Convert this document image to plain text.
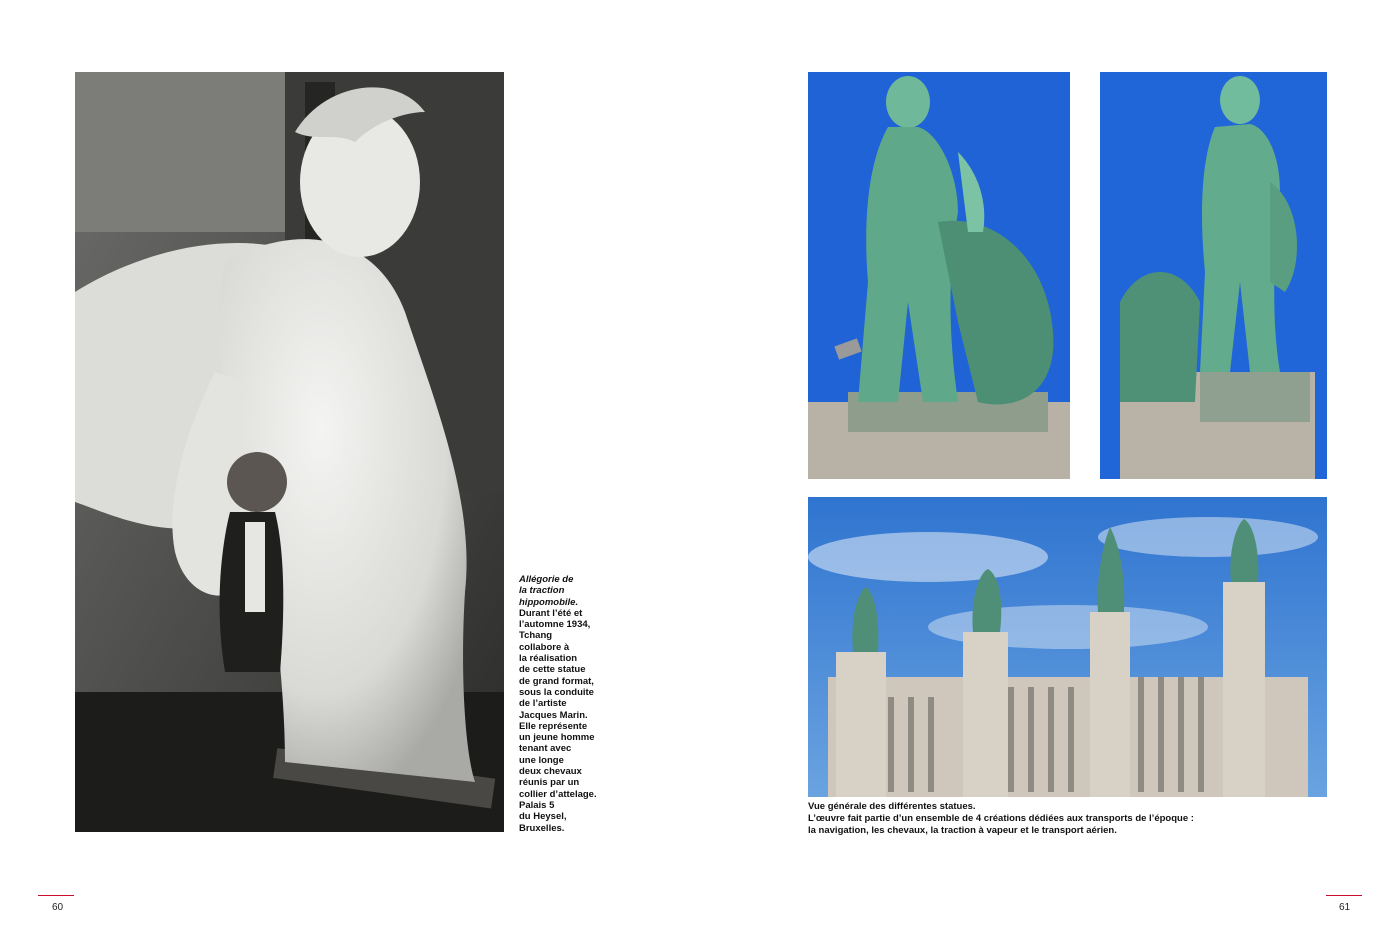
Allégorie de
la traction
hippomobile.
Durant l’été et
l’automne 1934,
Tchang
collabore à
la réalisation
de cette statue
de grand format,
sous la conduite
de l’artiste
Jacques Marin.
Elle représente
un jeune homme
tenant avec
une longe
deux chevaux
réunis par un
collier d’attelage.
Palais 5
du Heysel,
Bruxelles.
Vue générale des différentes statues.
L’œuvre fait partie d’un ensemble de 4 créations dédiées aux transports de l’époque :
la navigation, les chevaux, la traction à vapeur et le transport aérien.
60	61
